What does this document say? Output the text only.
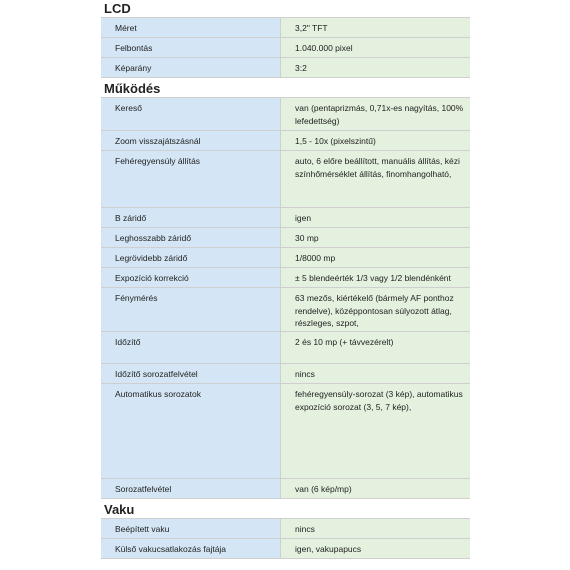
LCD
Méret	3,2" TFT
Felbontás	1.040.000 pixel
Képarány	3:2
Működés
Kereső	van (pentaprizmás, 0,71x-es nagyítás, 100% lefedettség)
Zoom visszajátszásnál	1,5 - 10x (pixelszintű)
Fehéregyensúly állítás	auto, 6 előre beállított, manuális állítás, kézi színhőmérséklet állítás, finomhangolható,
B záridő	igen
Leghosszabb záridő	30 mp
Legrövidebb záridő	1/8000 mp
Expozíció korrekció	± 5 blendeérték 1/3 vagy 1/2 blendénként
Fénymérés	63 mezős, kiértékelő (bármely AF ponthoz rendelve), középpontosan súlyozott átlag, részleges, szpot,
Időzítő	2 és 10 mp (+ távvezérelt)
Időzítő sorozatfelvétel	nincs
Automatikus sorozatok	fehéregyensúly-sorozat (3 kép), automatikus expozíció sorozat (3, 5, 7 kép),
Sorozatfelvétel	van (6 kép/mp)
Vaku
Beépített vaku	nincs
Külső vakucsatlakozás fajtája	igen, vakupapucs
